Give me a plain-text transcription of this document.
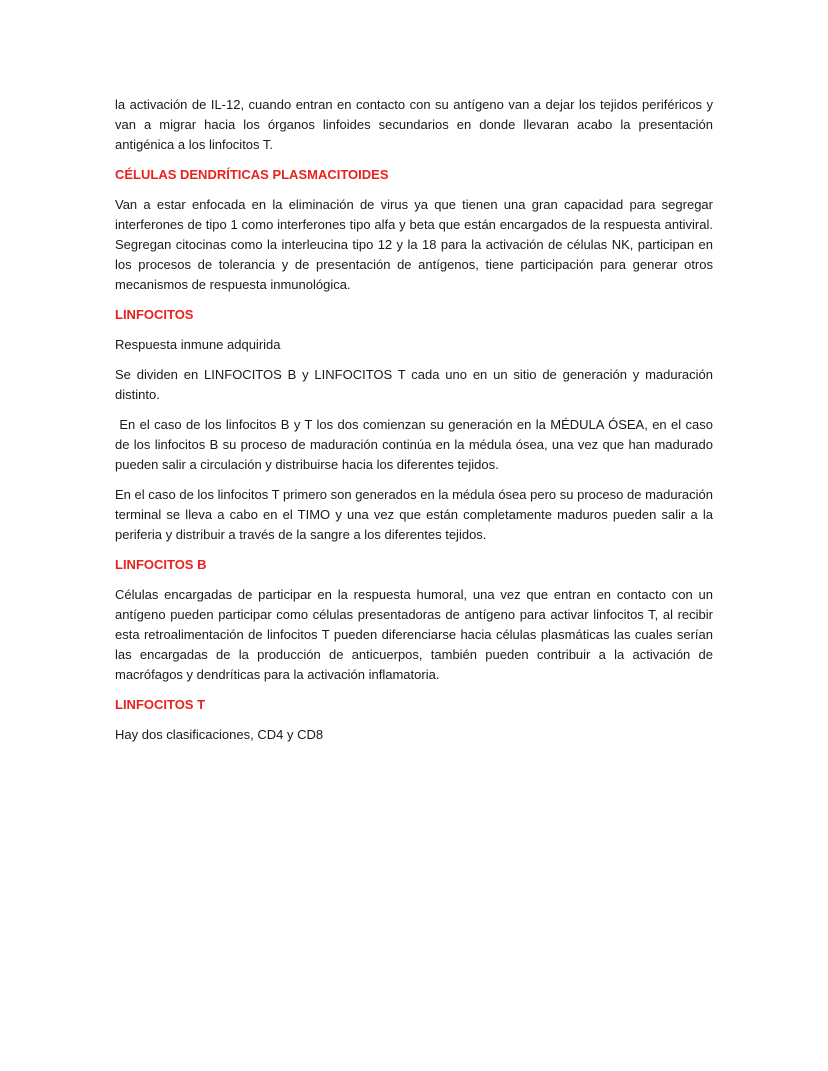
la activación de IL-12, cuando entran en contacto con su antígeno van a dejar los tejidos periféricos y van a migrar hacia los órganos linfoides secundarios en donde llevaran acabo la presentación antigénica a los linfocitos T.

CÉLULAS DENDRÍTICAS PLASMACITOIDES

Van a estar enfocada en la eliminación de virus ya que tienen una gran capacidad para segregar interferones de tipo 1 como interferones tipo alfa y beta que están encargados de la respuesta antiviral. Segregan citocinas como la interleucina tipo 12 y la 18 para la activación de células NK, participan en los procesos de tolerancia y de presentación de antígenos, tiene participación para generar otros mecanismos de respuesta inmunológica.

LINFOCITOS

Respuesta inmune adquirida

Se dividen en LINFOCITOS B y LINFOCITOS T cada uno en un sitio de generación y maduración distinto.

En el caso de los linfocitos B y T los dos comienzan su generación en la MÉDULA ÓSEA, en el caso de los linfocitos B su proceso de maduración continúa en la médula ósea, una vez que han madurado pueden salir a circulación y distribuirse hacia los diferentes tejidos.

En el caso de los linfocitos T primero son generados en la médula ósea pero su proceso de maduración terminal se lleva a cabo en el TIMO y una vez que están completamente maduros pueden salir a la periferia y distribuir a través de la sangre a los diferentes tejidos.

LINFOCITOS B

Células encargadas de participar en la respuesta humoral, una vez que entran en contacto con un antígeno pueden participar como células presentadoras de antígeno para activar linfocitos T, al recibir esta retroalimentación de linfocitos T pueden diferenciarse hacia células plasmáticas las cuales serían las encargadas de la producción de anticuerpos, también pueden contribuir a la activación de macrófagos y dendríticas para la activación inflamatoria.

LINFOCITOS T

Hay dos clasificaciones, CD4 y CD8
